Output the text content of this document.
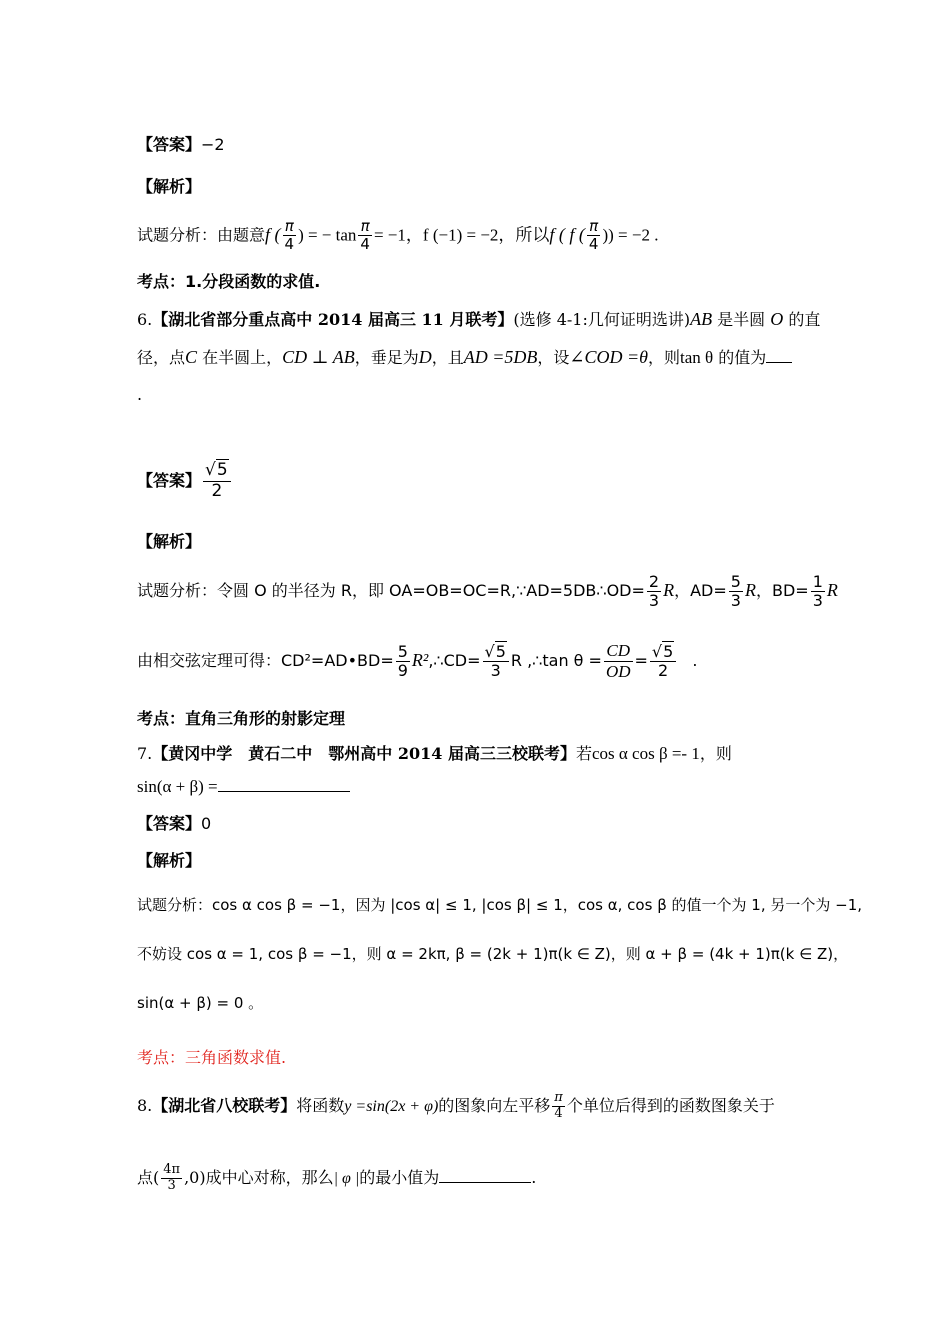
【答案】−2
【解析】
试题分析：由题意f ( $\frac{\pi}{4}$ ) = − $\tan \frac{\pi}{4} = -1$，f (−1) = −2，所以f ( f ( $\frac{\pi}{4}$ )) = −2 .
考点：1.分段函数的求值.
6.【湖北省部分重点高中 2014 届高三 11 月联考】(选修 4-1:几何证明选讲)AB 是半圆 O 的直
径，点C 在半圆上，CD ⊥ AB，垂足为D，且AD =5DB，设∠COD =θ，则tan θ 的值为
.
【答案】 $\frac{√5}{2}$
【解析】
试题分析：令圆 O 的半径为 R，即 OA=OB=OC=R,∵AD=5DB∴OD= $\frac{2}{3}$ R，$AD= \frac{5}{3}$ R，$BD= \frac{1}{3}$ R
由相交弦定理可得：CD²=AD•BD= $\frac{5}{9}$ R²,∴CD= $\frac{√5}{3}$ R ,∴tan $\theta = \frac{CD}{OD} = \frac{√5}{2}$ .
考点：直角三角形的射影定理
7.【黄冈中学　黄石二中　鄂州高中 2014 届高三三校联考】若cos α cos β =- 1，则
sin(α + β) =
【答案】0
【解析】
试题分析：cos α cos β = −1，因为 |cos α| ≤ 1, |cos β| ≤ 1，cos α, cos β 的值一个为 1, 另一个为 −1,
不妨设 cos α = 1, cos β = −1，则 α = 2kπ, β = (2k + 1)π(k ∈ Z)，则 α + β = (4k + 1)π(k ∈ Z)，
sin(α + β) = 0 。
考点：三角函数求值.
8.【湖北省八校联考】将函数y =sin(2x + φ)的图象向左平移 $\frac{\pi}{4}$ 个单位后得到的函数图象关于
点( $\frac{4\pi}{3} ,0$)成中心对称，那么| φ |的最小值为	.
